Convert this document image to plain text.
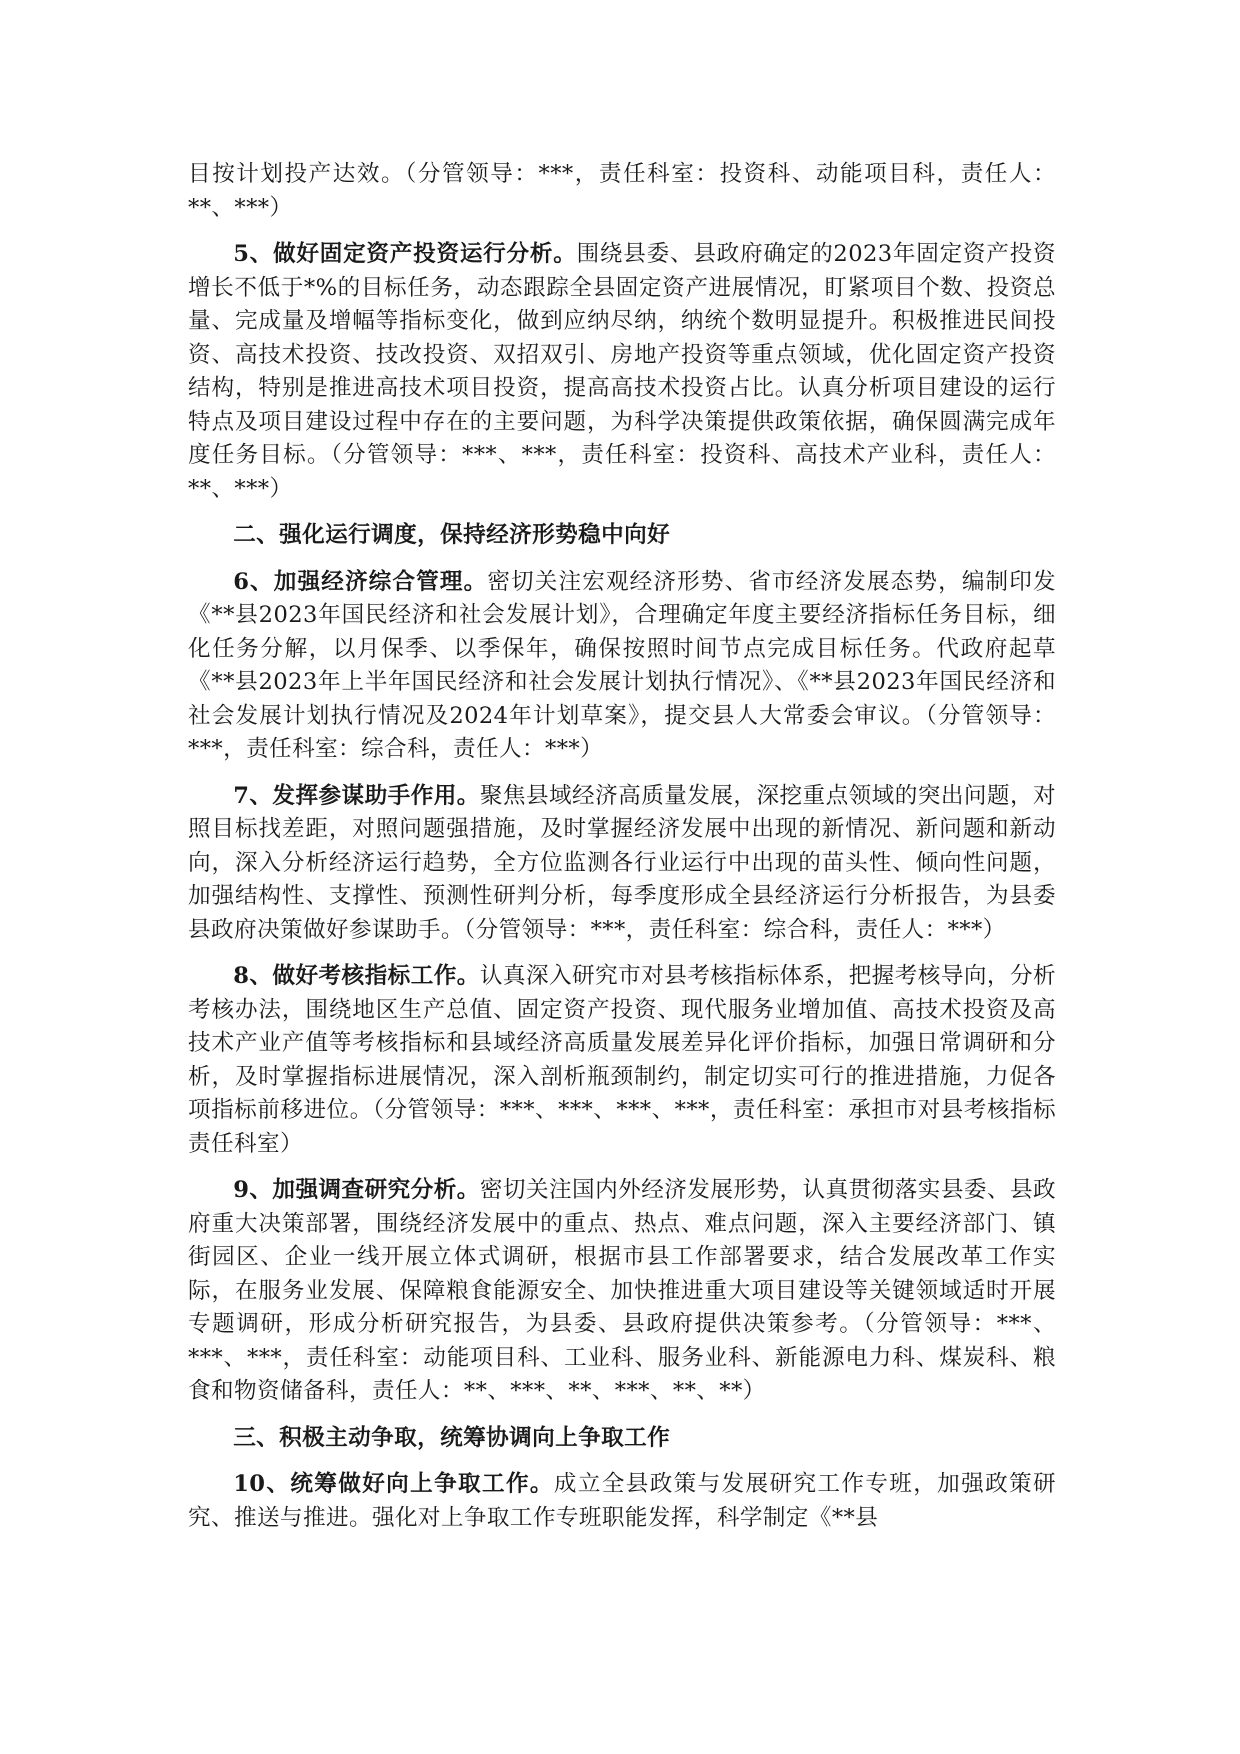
目按计划投产达效。（分管领导：***，责任科室：投资科、动能项目科，责任人：**、***）

5、做好固定资产投资运行分析。围绕县委、县政府确定的2023年固定资产投资增长不低于*%的目标任务，动态跟踪全县固定资产进展情况，盯紧项目个数、投资总量、完成量及增幅等指标变化，做到应纳尽纳，纳统个数明显提升。积极推进民间投资、高技术投资、技改投资、双招双引、房地产投资等重点领域，优化固定资产投资结构，特别是推进高技术项目投资，提高高技术投资占比。认真分析项目建设的运行特点及项目建设过程中存在的主要问题，为科学决策提供政策依据，确保圆满完成年度任务目标。（分管领导：***、***，责任科室：投资科、高技术产业科，责任人：**、***）

二、强化运行调度，保持经济形势稳中向好

6、加强经济综合管理。密切关注宏观经济形势、省市经济发展态势，编制印发《**县2023年国民经济和社会发展计划》，合理确定年度主要经济指标任务目标，细化任务分解，以月保季、以季保年，确保按照时间节点完成目标任务。代政府起草《**县2023年上半年国民经济和社会发展计划执行情况》、《**县2023年国民经济和社会发展计划执行情况及2024年计划草案》，提交县人大常委会审议。（分管领导：***，责任科室：综合科，责任人：***）

7、发挥参谋助手作用。聚焦县域经济高质量发展，深挖重点领域的突出问题，对照目标找差距，对照问题强措施，及时掌握经济发展中出现的新情况、新问题和新动向，深入分析经济运行趋势，全方位监测各行业运行中出现的苗头性、倾向性问题，加强结构性、支撑性、预测性研判分析，每季度形成全县经济运行分析报告，为县委县政府决策做好参谋助手。（分管领导：***，责任科室：综合科，责任人：***）

8、做好考核指标工作。认真深入研究市对县考核指标体系，把握考核导向，分析考核办法，围绕地区生产总值、固定资产投资、现代服务业增加值、高技术投资及高技术产业产值等考核指标和县域经济高质量发展差异化评价指标，加强日常调研和分析，及时掌握指标进展情况，深入剖析瓶颈制约，制定切实可行的推进措施，力促各项指标前移进位。（分管领导：***、***、***、***，责任科室：承担市对县考核指标责任科室）

9、加强调查研究分析。密切关注国内外经济发展形势，认真贯彻落实县委、县政府重大决策部署，围绕经济发展中的重点、热点、难点问题，深入主要经济部门、镇街园区、企业一线开展立体式调研，根据市县工作部署要求，结合发展改革工作实际，在服务业发展、保障粮食能源安全、加快推进重大项目建设等关键领域适时开展专题调研，形成分析研究报告，为县委、县政府提供决策参考。（分管领导：***、***、***，责任科室：动能项目科、工业科、服务业科、新能源电力科、煤炭科、粮食和物资储备科，责任人：**、***、**、***、**、**）

三、积极主动争取，统筹协调向上争取工作

10、统筹做好向上争取工作。成立全县政策与发展研究工作专班，加强政策研究、推送与推进。强化对上争取工作专班职能发挥，科学制定《**县
